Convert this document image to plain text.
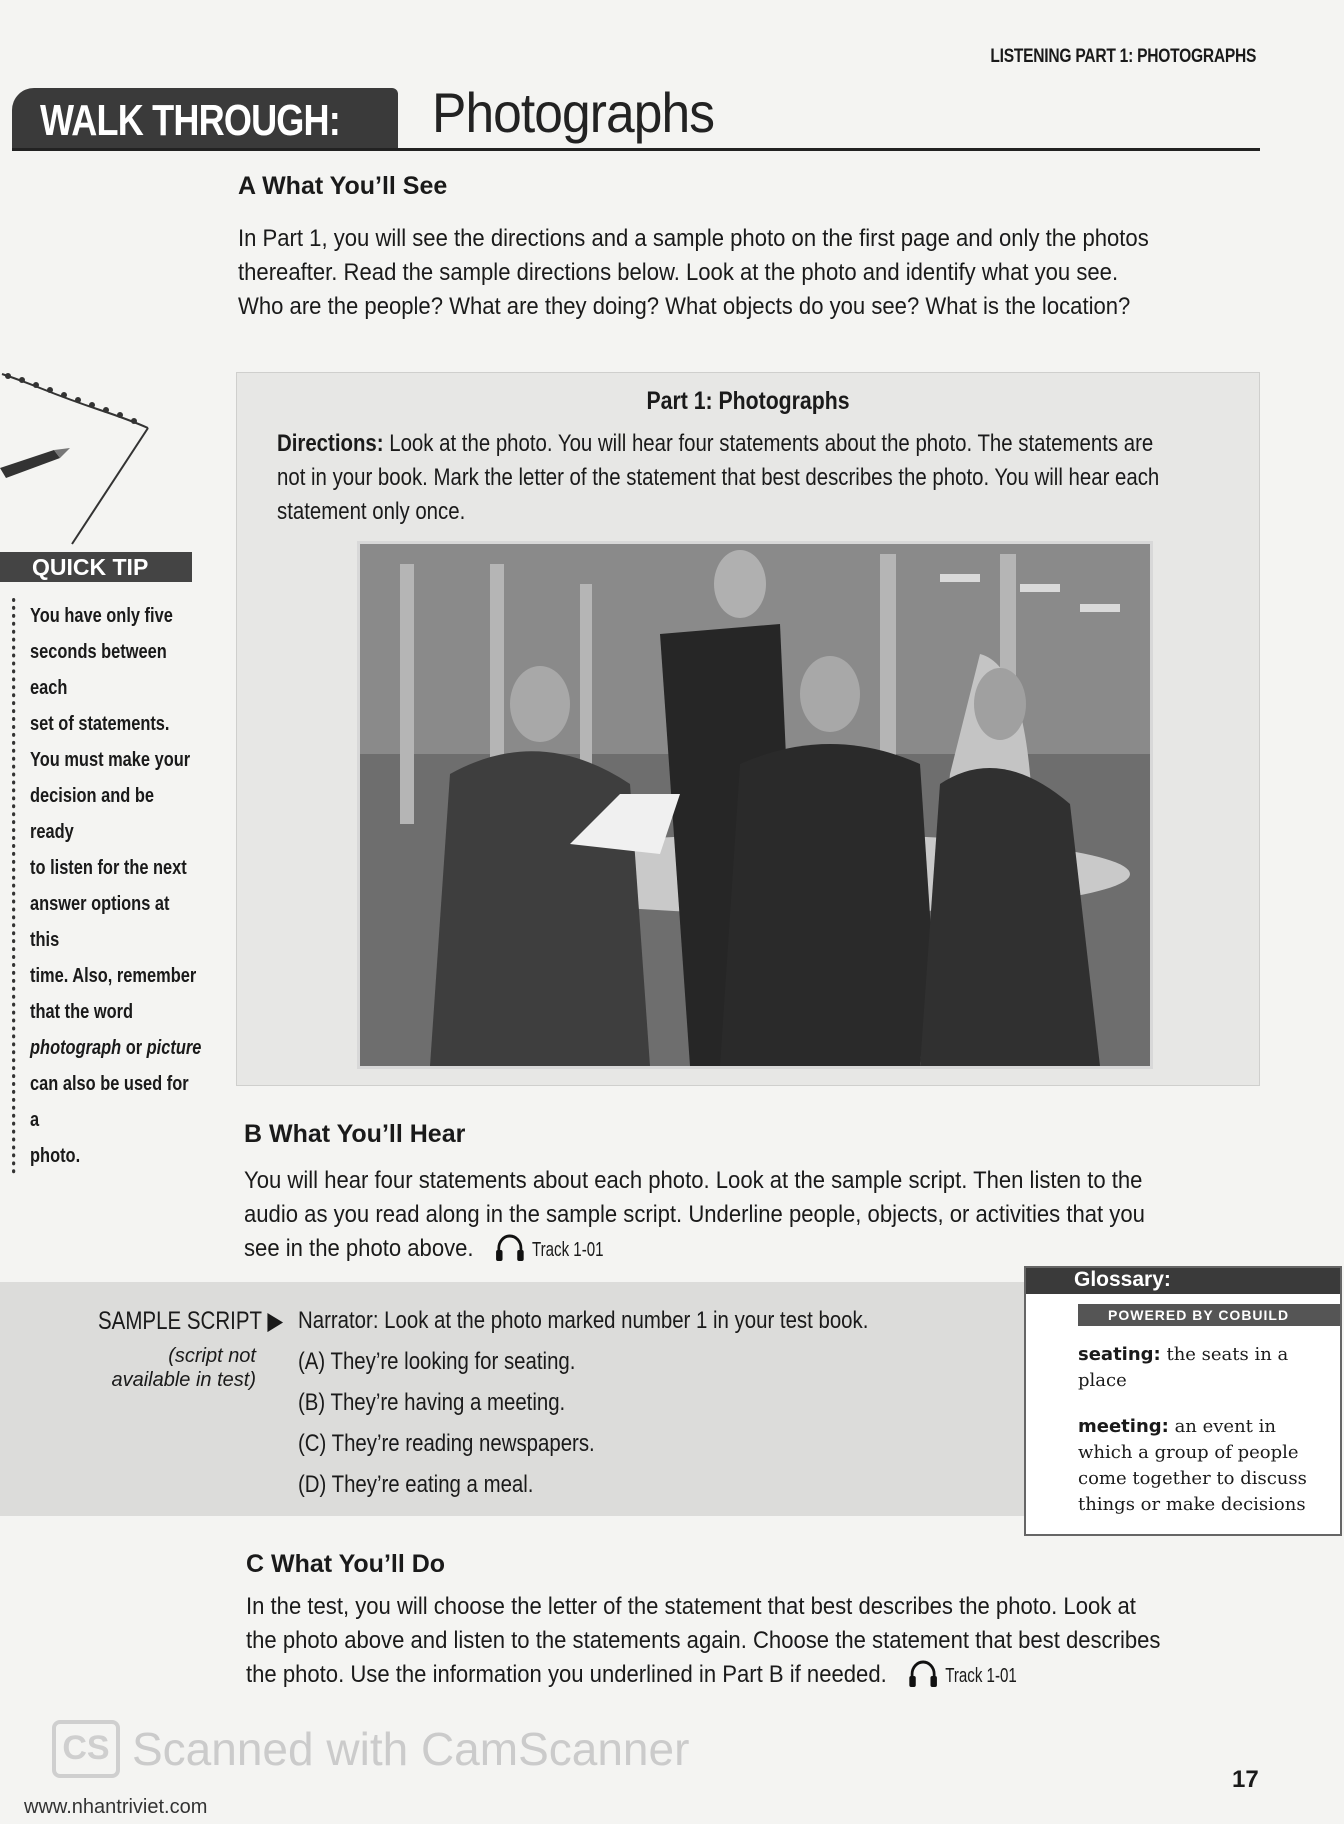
LISTENING PART 1: PHOTOGRAPHS
WALK THROUGH: Photographs
A What You’ll See
In Part 1, you will see the directions and a sample photo on the first page and only the photos
thereafter. Read the sample directions below. Look at the photo and identify what you see.
Who are the people? What are they doing? What objects do you see? What is the location?
QUICK TIP
You have only five
seconds between each
set of statements.
You must make your
decision and be ready
to listen for the next
answer options at this
time. Also, remember
that the word
photograph or picture
can also be used for a
photo.
Part 1: Photographs
Directions: Look at the photo. You will hear four statements about the photo. The statements are
not in your book. Mark the letter of the statement that best describes the photo. You will hear each
statement only once.
B What You’ll Hear
You will hear four statements about each photo. Look at the sample script. Then listen to the
audio as you read along in the sample script. Underline people, objects, or activities that you
see in the photo above.	Track 1-01
SAMPLE SCRIPT ▶
(script not
available in test)
Narrator: Look at the photo marked number 1 in your test book.
(A) They’re looking for seating.
(B) They’re having a meeting.
(C) They’re reading newspapers.
(D) They’re eating a meal.
Glossary:
POWERED BY COBUILD
seating: the seats in a place
meeting: an event in which a group of people come together to discuss things or make decisions
C What You’ll Do
In the test, you will choose the letter of the statement that best describes the photo. Look at
the photo above and listen to the statements again. Choose the statement that best describes
the photo. Use the information you underlined in Part B if needed.	Track 1-01
CS Scanned with CamScanner
www.nhantriviet.com
17
